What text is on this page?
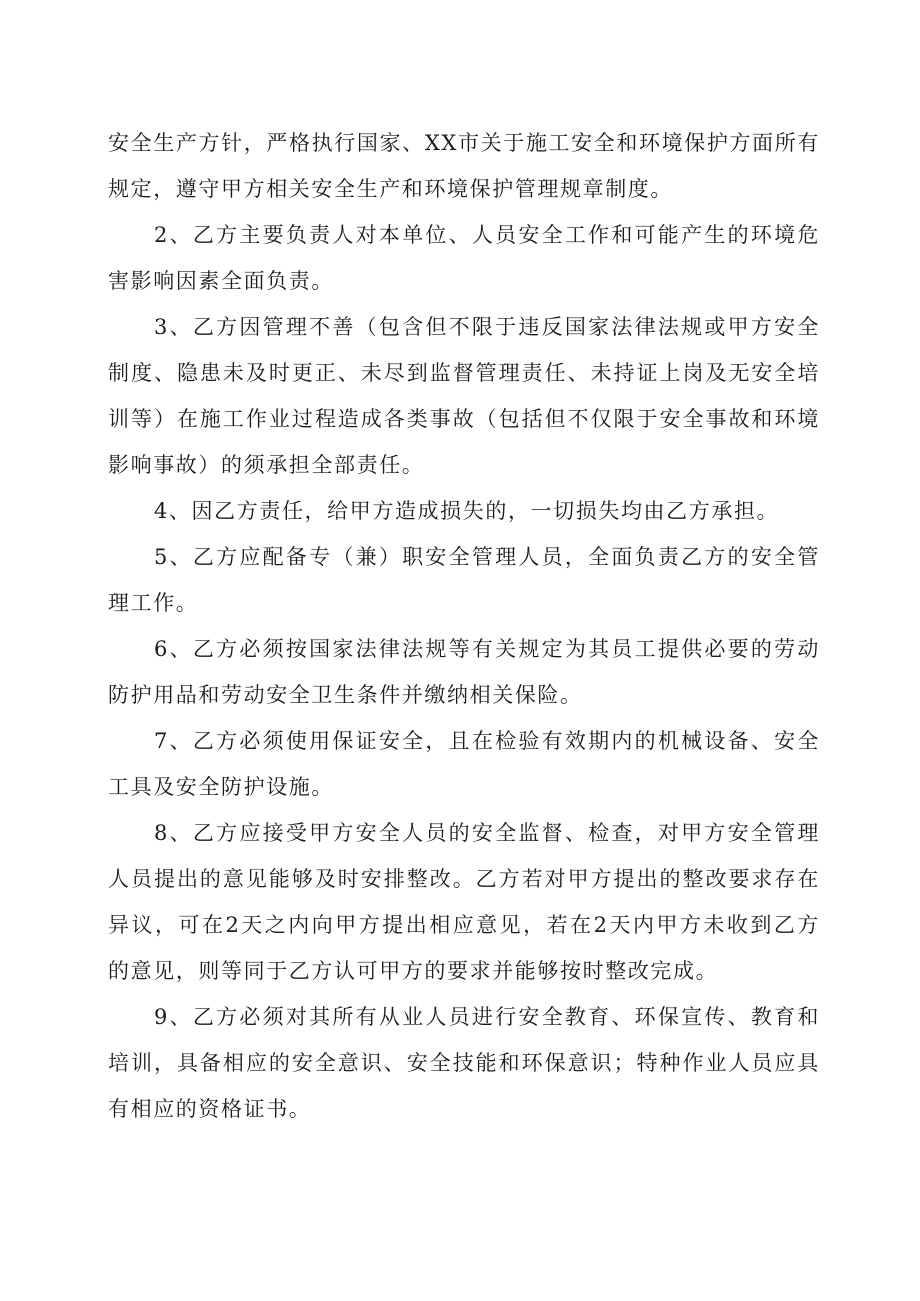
安全生产方针，严格执行国家、XX市关于施工安全和环境保护方面所有
规定，遵守甲方相关安全生产和环境保护管理规章制度。

2、乙方主要负责人对本单位、人员安全工作和可能产生的环境危
害影响因素全面负责。

3、乙方因管理不善（包含但不限于违反国家法律法规或甲方安全
制度、隐患未及时更正、未尽到监督管理责任、未持证上岗及无安全培
训等）在施工作业过程造成各类事故（包括但不仅限于安全事故和环境
影响事故）的须承担全部责任。

4、因乙方责任，给甲方造成损失的，一切损失均由乙方承担。

5、乙方应配备专（兼）职安全管理人员，全面负责乙方的安全管
理工作。

6、乙方必须按国家法律法规等有关规定为其员工提供必要的劳动
防护用品和劳动安全卫生条件并缴纳相关保险。

7、乙方必须使用保证安全，且在检验有效期内的机械设备、安全
工具及安全防护设施。

8、乙方应接受甲方安全人员的安全监督、检查，对甲方安全管理
人员提出的意见能够及时安排整改。乙方若对甲方提出的整改要求存在
异议，可在2天之内向甲方提出相应意见，若在2天内甲方未收到乙方
的意见，则等同于乙方认可甲方的要求并能够按时整改完成。

9、乙方必须对其所有从业人员进行安全教育、环保宣传、教育和
培训，具备相应的安全意识、安全技能和环保意识；特种作业人员应具
有相应的资格证书。
